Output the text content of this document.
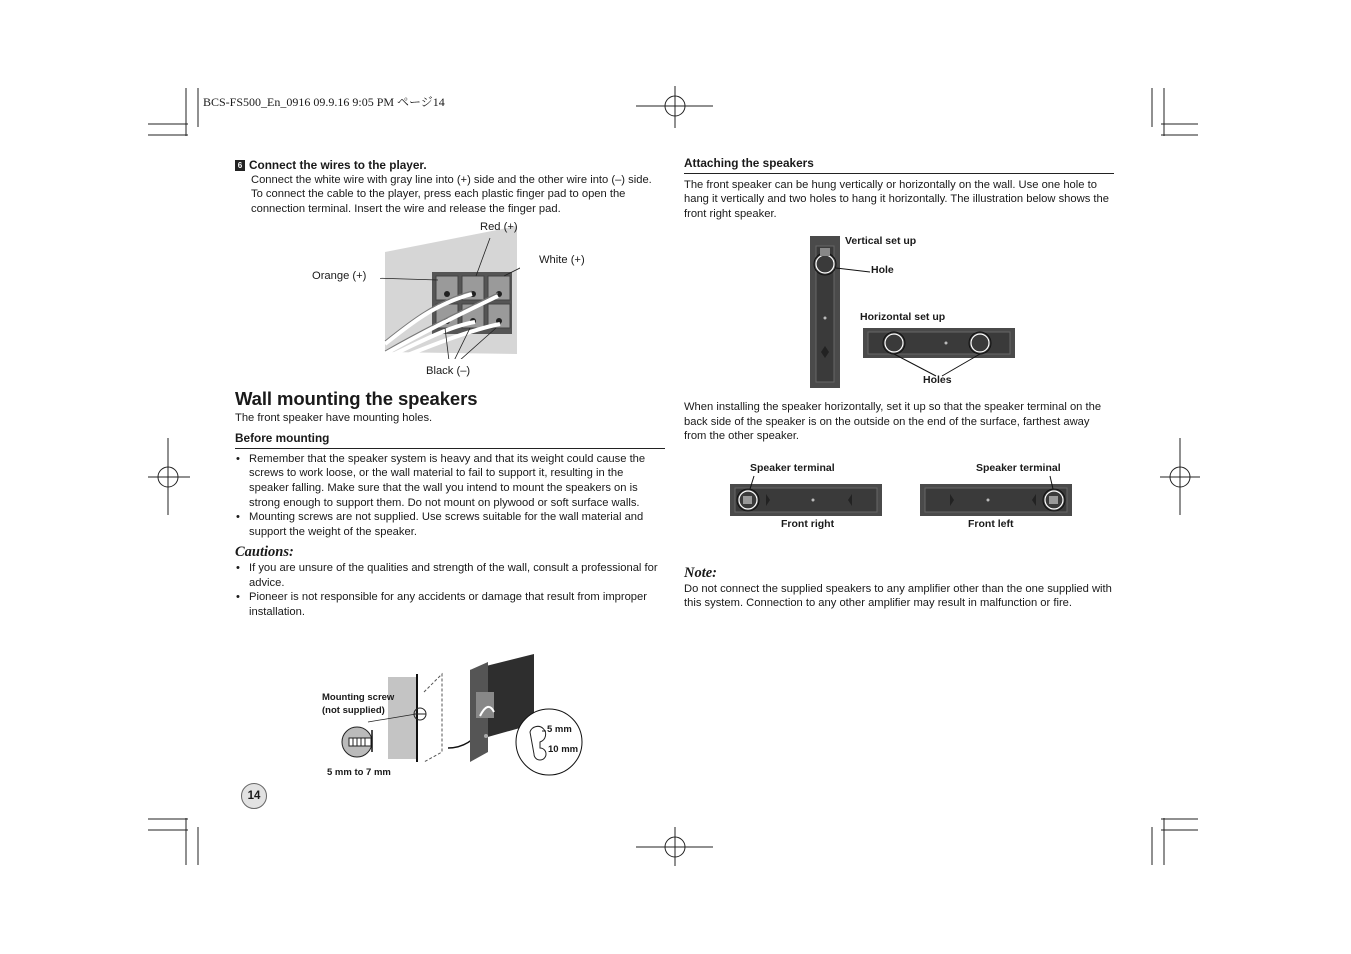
BCS-FS500_En_0916 09.9.16 9:05 PM ページ14
6 Connect the wires to the player.
Connect the white wire with gray line into (+) side and the other wire into (–) side. To connect the cable to the player, press each plastic finger pad to open the connection terminal. Insert the wire and release the finger pad.
Red (+)
White (+)
Orange (+)
Black (–)
Wall mounting the speakers
The front speaker have mounting holes.
Before mounting
• Remember that the speaker system is heavy and that its weight could cause the screws to work loose, or the wall material to fail to support it, resulting in the speaker falling. Make sure that the wall you intend to mount the speakers on is strong enough to support them. Do not mount on plywood or soft surface walls.
• Mounting screws are not supplied. Use screws suitable for the wall material and support the weight of the speaker.
Cautions:
• If you are unsure of the qualities and strength of the wall, consult a professional for advice.
• Pioneer is not responsible for any accidents or damage that result from improper installation.
Mounting screw
(not supplied)
5 mm to 7 mm
5 mm
10 mm
14
Attaching the speakers
The front speaker can be hung vertically or horizontally on the wall. Use one hole to hang it vertically and two holes to hang it horizontally. The illustration below shows the front right speaker.
Vertical set up
Hole
Horizontal set up
Holes
When installing the speaker horizontally, set it up so that the speaker terminal on the back side of the speaker is on the outside on the end of the surface, farthest away from the other speaker.
Speaker terminal	Speaker terminal
Front right	Front left
Note:
Do not connect the supplied speakers to any amplifier other than the one supplied with this system. Connection to any other amplifier may result in malfunction or fire.
